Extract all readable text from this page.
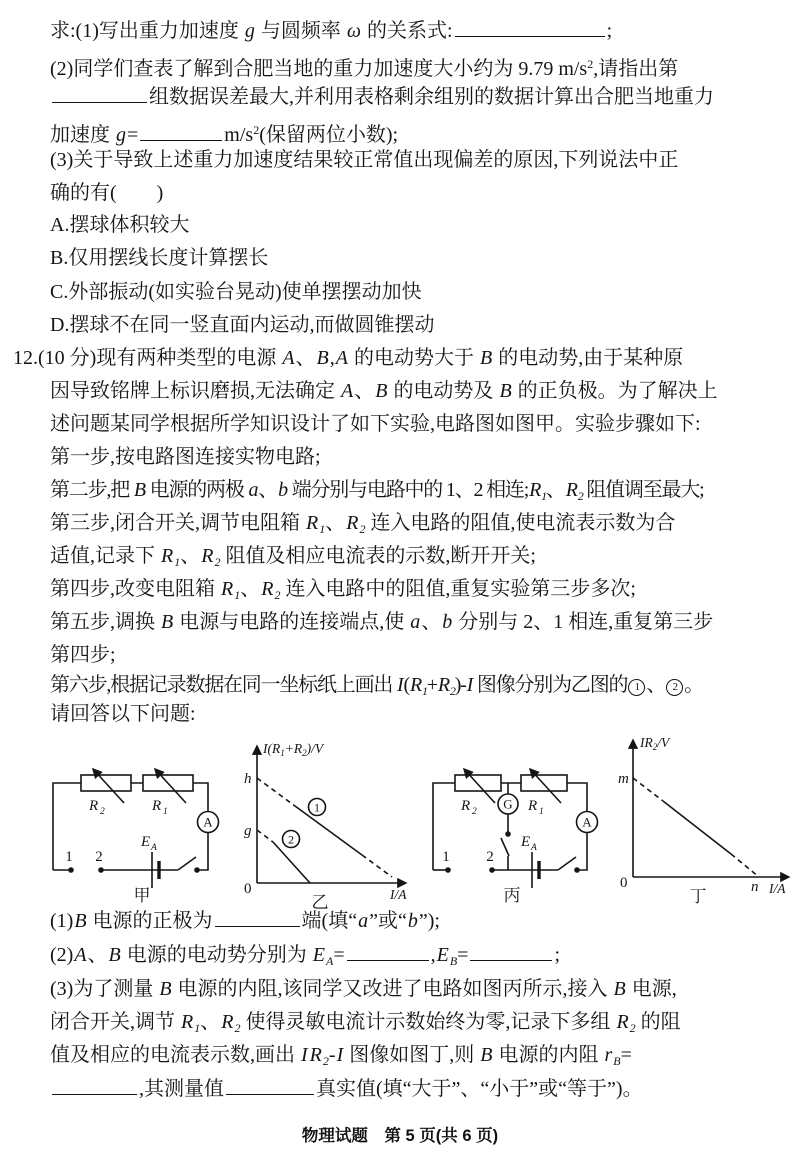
求:(1)写出重力加速度 g 与圆频率 ω 的关系式:	;
(2)同学们查表了解到合肥当地的重力加速度大小约为 9.79 $m/s^2$,请指出第
组数据误差最大,并利用表格剩余组别的数据计算出合肥当地重力
加速度 g=	$m/s^2$(保留两位小数);
(3)关于导致上述重力加速度结果较正常值出现偏差的原因,下列说法中正
确的有(　　)
A.摆球体积较大
B.仅用摆线长度计算摆长
C.外部振动(如实验台晃动)使单摆摆动加快
D.摆球不在同一竖直面内运动,而做圆锥摆动
12.(10 分)现有两种类型的电源 A、B,A 的电动势大于 B 的电动势,由于某种原
因导致铭牌上标识磨损,无法确定 A、B 的电动势及 B 的正负极。为了解决上
述问题某同学根据所学知识设计了如下实验,电路图如图甲。实验步骤如下:
第一步,按电路图连接实物电路;
第二步,把 B 电源的两极 a、b 端分别与电路中的 1、2 相连$;R_1$、$R_2$ 阻值调至最大;
第三步,闭合开关,调节电阻箱 $R_1$、$R_2$ 连入电路的阻值,使电流表示数为合
适值,记录下 $R_1$、$R_2$ 阻值及相应电流表的示数,断开开关;
第四步,改变电阻箱 $R_1$、$R_2$ 连入电路中的阻值,重复实验第三步多次;
第五步,调换 B 电源与电路的连接端点,使 a、b 分别与 2、1 相连,重复第三步
第四步;
第六步,根据记录数据在同一坐标纸上画出 $I(R_1+R_2)-I$ 图像分别为乙图的 1 、 2 。
请回答以下问题:
(1)B 电源的正极为	端(填“a”或“b”);
(2)A、B 电源的电动势分别为 $E_A=$	$,E_B=$	;
(3)为了测量 B 电源的内阻,该同学又改进了电路如图丙所示,接入 B 电源,
闭合开关,调节 $R_1$、$R_2$ 使得灵敏电流计示数始终为零,记录下多组 $R_2$ 的阻
值及相应的电流表示数,画出 I $R_2-I$ 图像如图丁,则 B 电源的内阻 $r_B=$
,其测量值	真实值(填“大于”、“小于”或“等于”)。
R 2	R 1
A
E A
1 2
甲
$I(R_1+R_2)/V$
h
g
0
1
2
I/A
乙
R 2	R 1
G
A
E A
1 2
丙
$IR_2/V$
m
0	n I/A
丁
物理试题　第 5 页(共 6 页)
